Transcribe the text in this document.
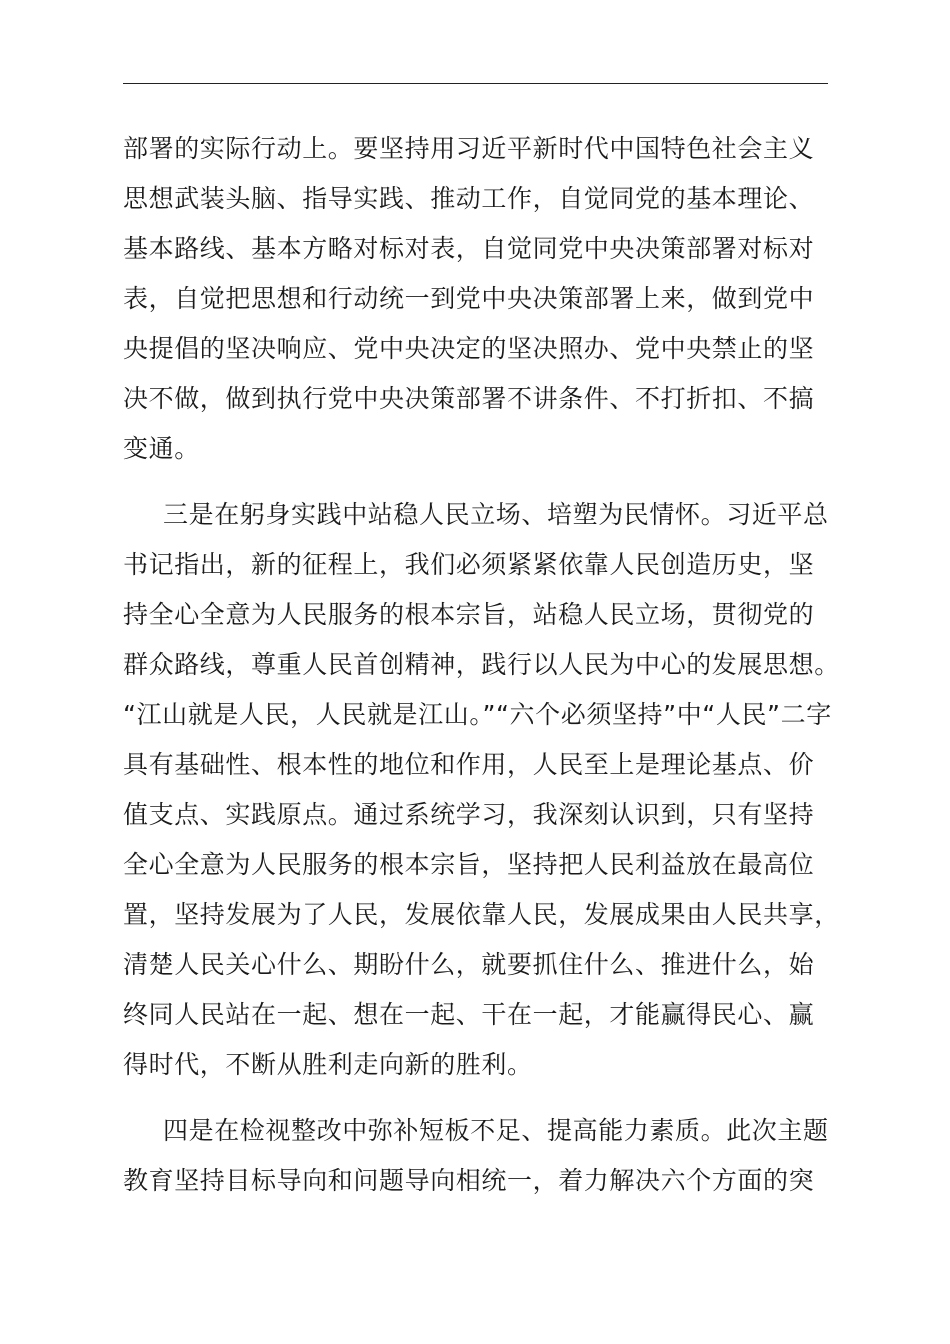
部署的实际行动上。要坚持用习近平新时代中国特色社会主义
思想武装头脑、指导实践、推动工作，自觉同党的基本理论、
基本路线、基本方略对标对表，自觉同党中央决策部署对标对
表，自觉把思想和行动统一到党中央决策部署上来，做到党中
央提倡的坚决响应、党中央决定的坚决照办、党中央禁止的坚
决不做，做到执行党中央决策部署不讲条件、不打折扣、不搞
变通。
三是在躬身实践中站稳人民立场、培塑为民情怀。习近平总
书记指出，新的征程上，我们必须紧紧依靠人民创造历史，坚
持全心全意为人民服务的根本宗旨，站稳人民立场，贯彻党的
群众路线，尊重人民首创精神，践行以人民为中心的发展思想。
“江山就是人民，人民就是江山。”“六个必须坚持”中“人民”二字
具有基础性、根本性的地位和作用，人民至上是理论基点、价
值支点、实践原点。通过系统学习，我深刻认识到，只有坚持
全心全意为人民服务的根本宗旨，坚持把人民利益放在最高位
置，坚持发展为了人民，发展依靠人民，发展成果由人民共享，
清楚人民关心什么、期盼什么，就要抓住什么、推进什么，始
终同人民站在一起、想在一起、干在一起，才能赢得民心、赢
得时代，不断从胜利走向新的胜利。
四是在检视整改中弥补短板不足、提高能力素质。此次主题
教育坚持目标导向和问题导向相统一，着力解决六个方面的突
